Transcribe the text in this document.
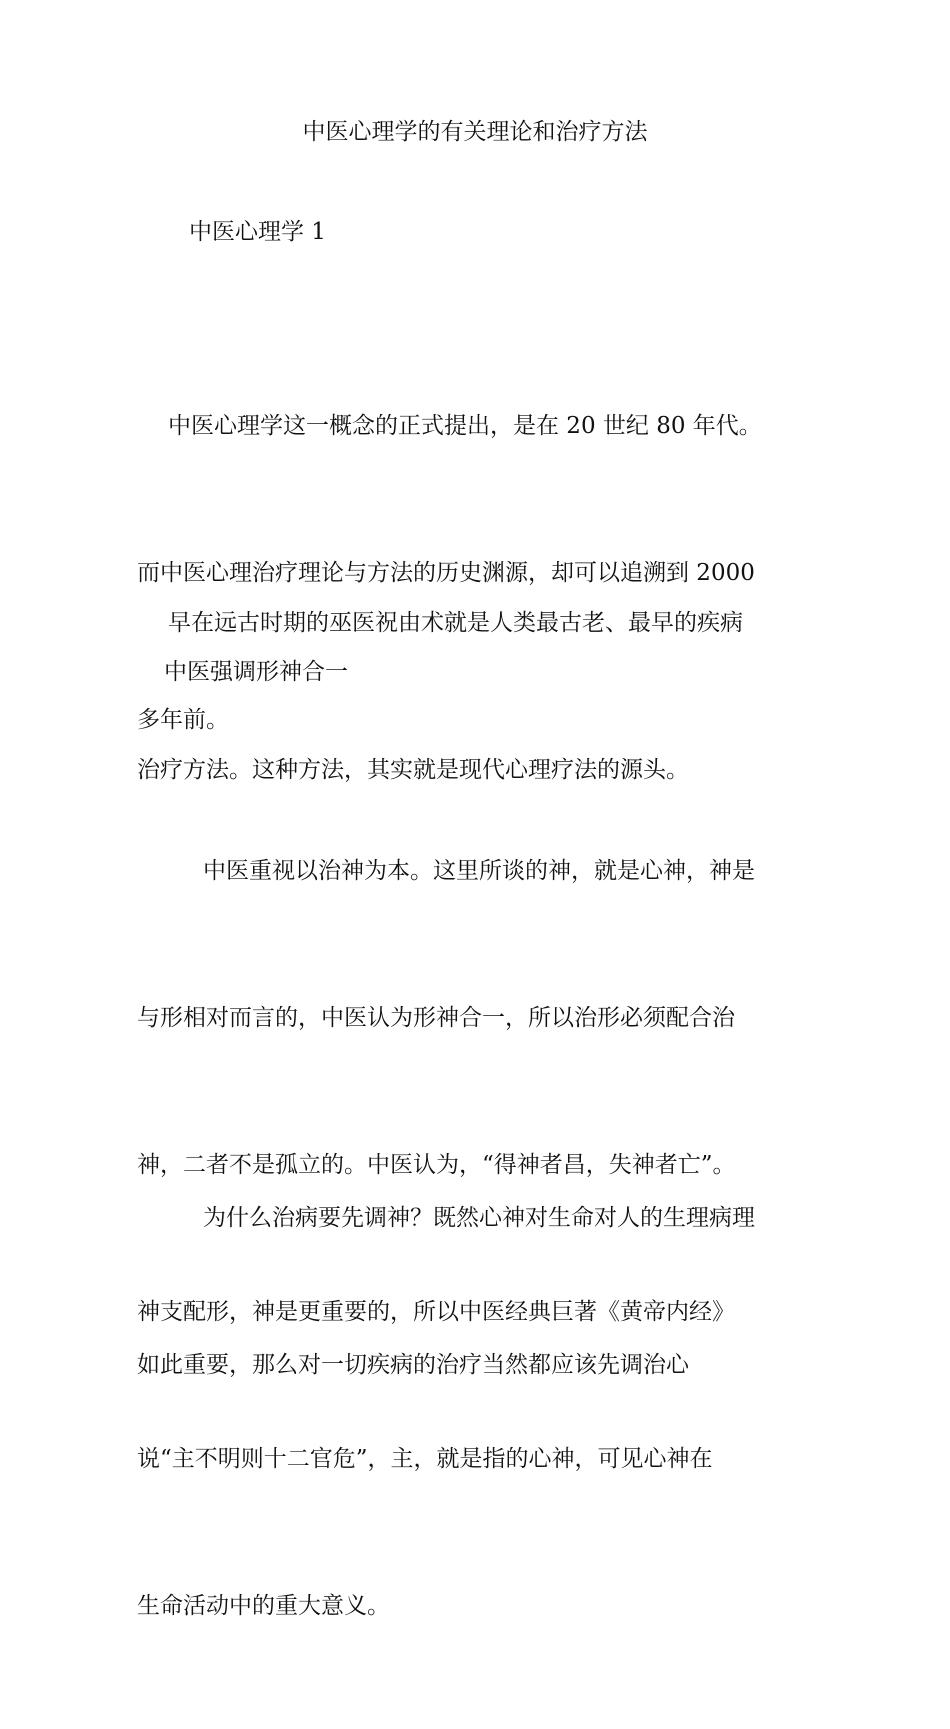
中医心理学的有关理论和治疗方法

中医心理学 1

中医心理学这一概念的正式提出，是在 20 世纪 80 年代。

而中医心理治疗理论与方法的历史渊源，却可以追溯到 2000

多年前。

早在远古时期的巫医祝由术就是人类最古老、最早的疾病

治疗方法。这种方法，其实就是现代心理疗法的源头。

中医强调形神合一

中医重视以治神为本。这里所谈的神，就是心神，神是

与形相对而言的，中医认为形神合一，所以治形必须配合治

神，二者不是孤立的。中医认为，“得神者昌，失神者亡”。

神支配形，神是更重要的，所以中医经典巨著《黄帝内经》

说“主不明则十二官危”，主，就是指的心神，可见心神在

生命活动中的重大意义。

为什么治病要先调神？既然心神对生命对人的生理病理

如此重要，那么对一切疾病的治疗当然都应该先调治心
